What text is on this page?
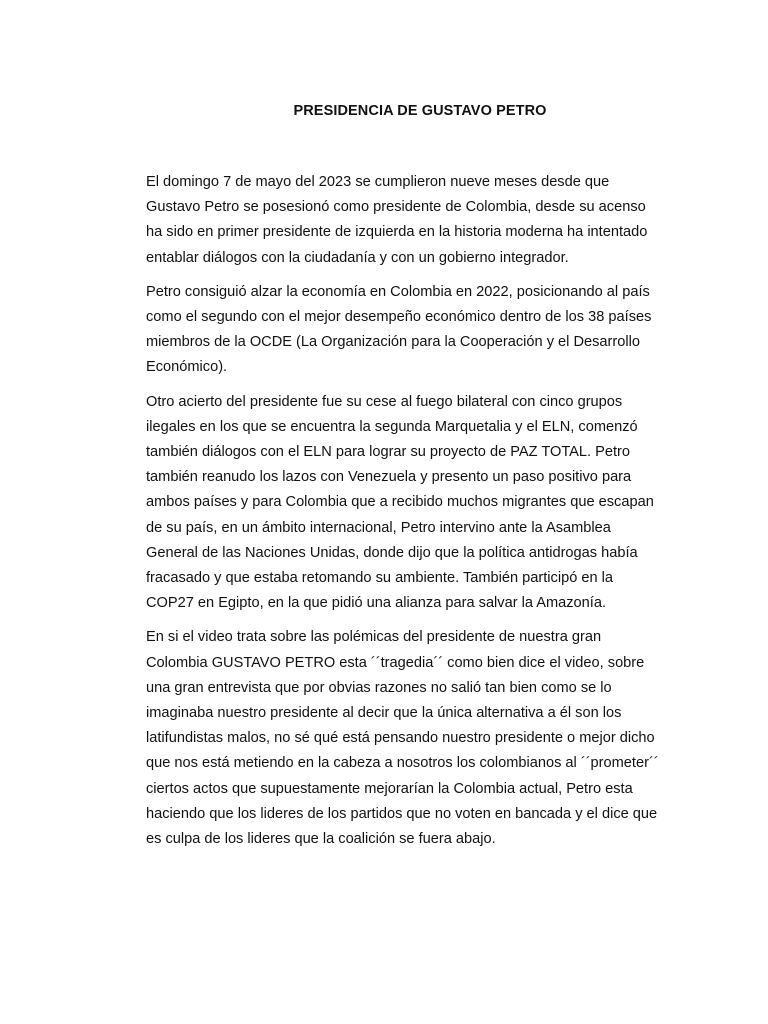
PRESIDENCIA DE GUSTAVO PETRO
El domingo 7 de mayo del 2023 se cumplieron nueve meses desde que
Gustavo Petro se posesionó como presidente de Colombia, desde su acenso
ha sido en primer presidente de izquierda en la historia moderna ha intentado
entablar diálogos con la ciudadanía y con un gobierno integrador.
Petro consiguió alzar la economía en Colombia en 2022, posicionando al país
como el segundo con el mejor desempeño económico dentro de los 38 países
miembros de la OCDE (La Organización para la Cooperación y el Desarrollo
Económico).
Otro acierto del presidente fue su cese al fuego bilateral con cinco grupos
ilegales en los que se encuentra la segunda Marquetalia y el ELN, comenzó
también diálogos con el ELN para lograr su proyecto de PAZ TOTAL. Petro
también reanudo los lazos con Venezuela y presento un paso positivo para
ambos países y para Colombia que a recibido muchos migrantes que escapan
de su país, en un ámbito internacional, Petro intervino ante la Asamblea
General de las Naciones Unidas, donde dijo que la política antidrogas había
fracasado y que estaba retomando su ambiente. También participó en la
COP27 en Egipto, en la que pidió una alianza para salvar la Amazonía.
En si el video trata sobre las polémicas del presidente de nuestra gran
Colombia GUSTAVO PETRO esta ´´tragedia´´ como bien dice el video, sobre
una gran entrevista que por obvias razones no salió tan bien como se lo
imaginaba nuestro presidente al decir que la única alternativa a él son los
latifundistas malos, no sé qué está pensando nuestro presidente o mejor dicho
que nos está metiendo en la cabeza a nosotros los colombianos al ´´prometer´´
ciertos actos que supuestamente mejorarían la Colombia actual, Petro esta
haciendo que los lideres de los partidos que no voten en bancada y el dice que
es culpa de los lideres que la coalición se fuera abajo.
